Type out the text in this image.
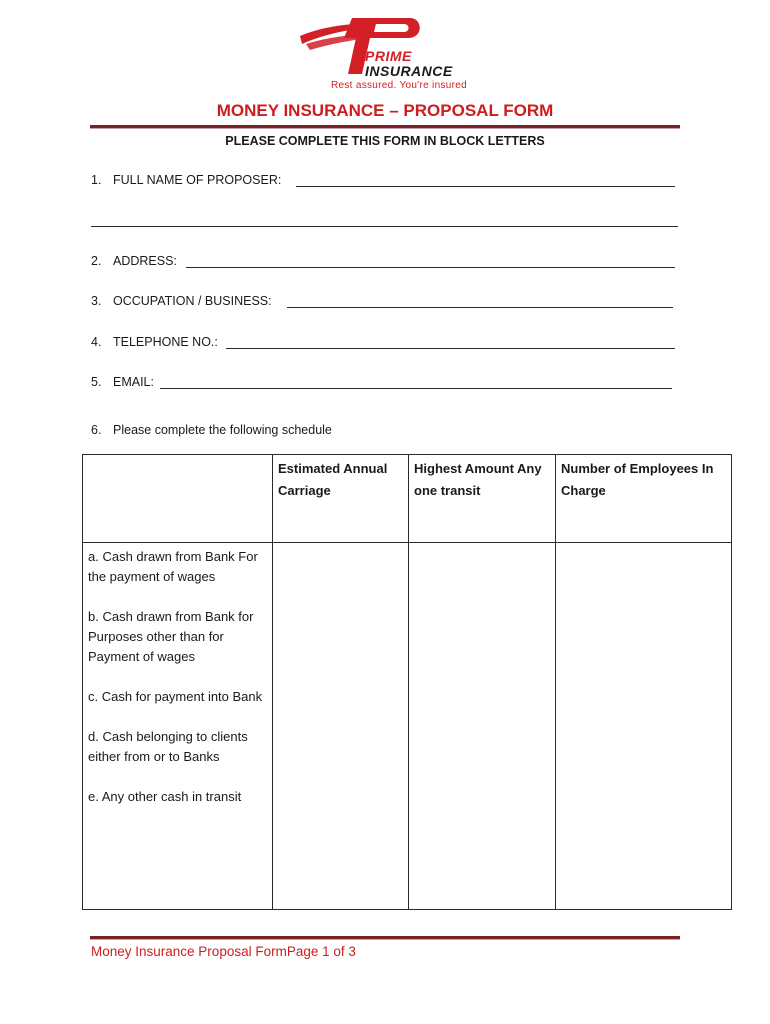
PRIME
INSURANCE
Rest assured. You're insured
MONEY INSURANCE – PROPOSAL FORM
PLEASE COMPLETE THIS FORM IN BLOCK LETTERS
1. FULL NAME OF PROPOSER:
2. ADDRESS:
3. OCCUPATION / BUSINESS:
4. TELEPHONE NO.:
5. EMAIL:
6. Please complete the following schedule
	Estimated Annual Carriage	Highest Amount Any one transit	Number of Employees In Charge

a. Cash drawn from Bank For the payment of wages
b. Cash drawn from Bank for Purposes other than for Payment of wages
c. Cash for payment into Bank
d. Cash belonging to clients either from or to Banks
e. Any other cash in transit			

Money Insurance Proposal FormPage 1 of 3
